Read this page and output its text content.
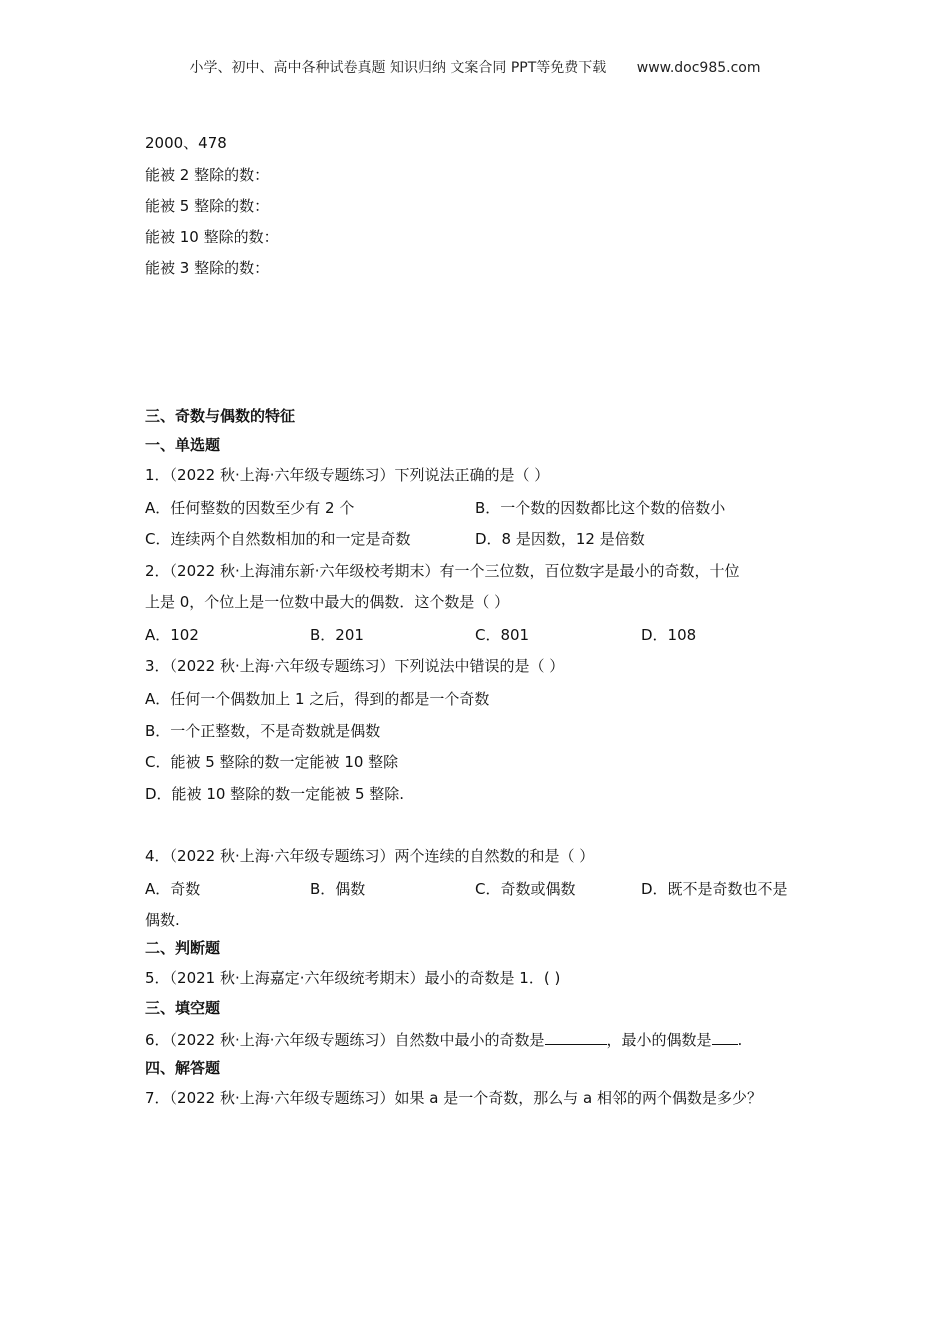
小学、初中、高中各种试卷真题 知识归纳 文案合同 PPT等免费下载 www.doc985.com
2000、478
能被 2 整除的数：
能被 5 整除的数：
能被 10 整除的数：
能被 3 整除的数：
三、奇数与偶数的特征
一、单选题
1．（2022 秋·上海·六年级专题练习）下列说法正确的是（ ）
A．任何整数的因数至少有 2 个	B．一个数的因数都比这个数的倍数小
C．连续两个自然数相加的和一定是奇数	D．8 是因数，12 是倍数
2．（2022 秋·上海浦东新·六年级校考期末）有一个三位数，百位数字是最小的奇数，十位
上是 0，个位上是一位数中最大的偶数．这个数是（ ）
A．102	B．201	C．801	D．108
3．（2022 秋·上海·六年级专题练习）下列说法中错误的是（ ）
A．任何一个偶数加上 1 之后，得到的都是一个奇数
B．一个正整数，不是奇数就是偶数
C．能被 5 整除的数一定能被 10 整除
D．能被 10 整除的数一定能被 5 整除.
4．（2022 秋·上海·六年级专题练习）两个连续的自然数的和是（ ）
A．奇数	B．偶数	C．奇数或偶数	D．既不是奇数也不是
偶数.
二、判断题
5．（2021 秋·上海嘉定·六年级统考期末）最小的奇数是 1．( )
三、填空题
6．（2022 秋·上海·六年级专题练习）自然数中最小的奇数是	，最小的偶数是 .
四、解答题
7．（2022 秋·上海·六年级专题练习）如果 a 是一个奇数，那么与 a 相邻的两个偶数是多少？
